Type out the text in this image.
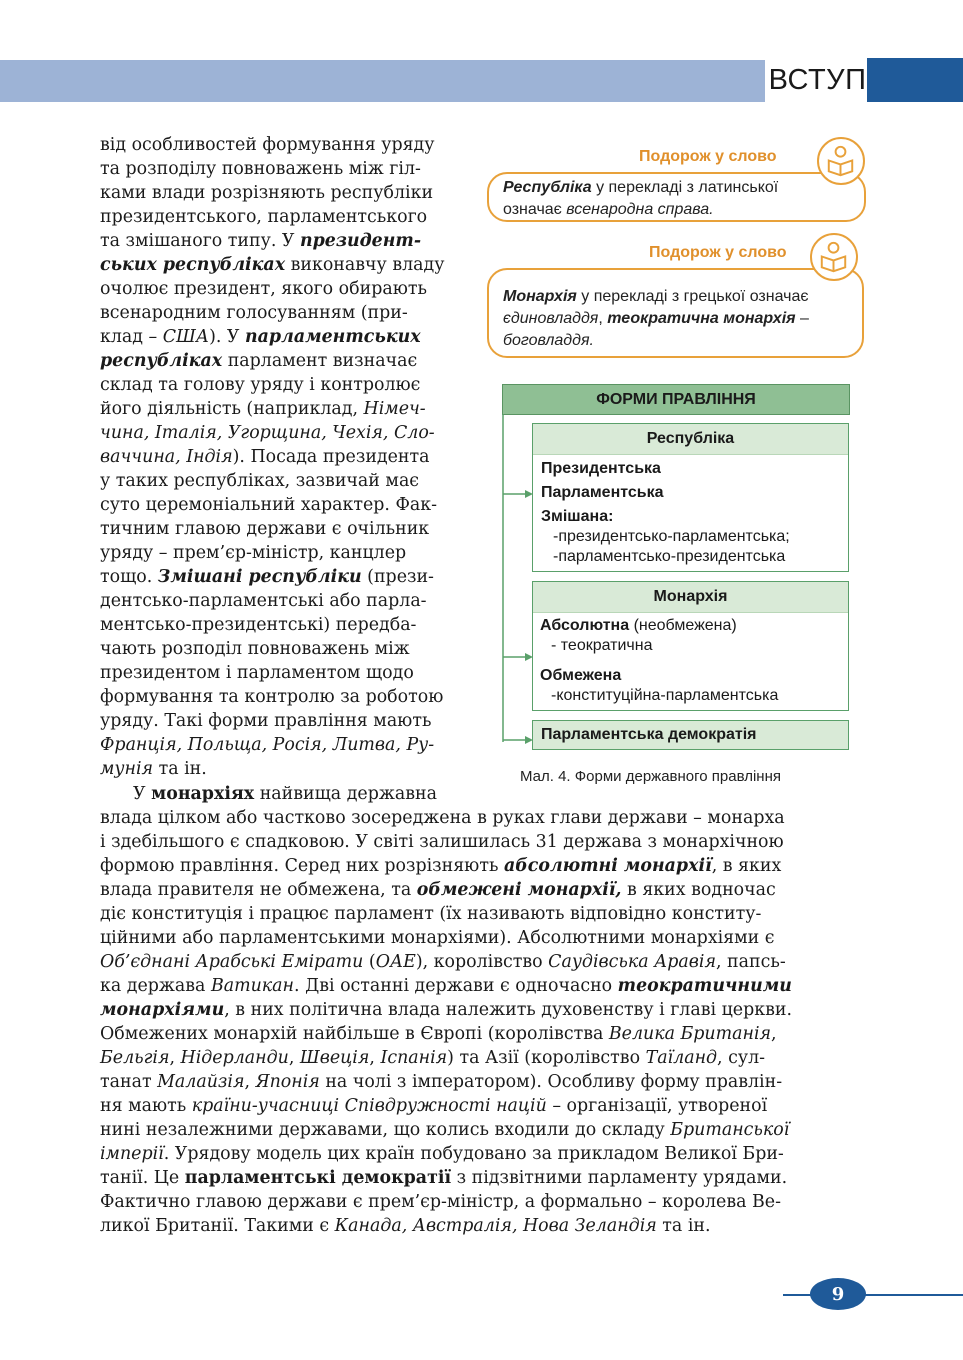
ВСТУП

від особливостей формування уряду
та розподілу повноважень між гіл-
ками влади розрізняють республіки
президентського, парламентського
та змішаного типу. У президент-
ських республіках виконавчу владу
очолює президент, якого обирають
всенародним голосуванням (при-
клад – США). У парламентських
республіках парламент визначає
склад та голову уряду і контролює
його діяльність (наприклад, Німеч-
чина, Італія, Угорщина, Чехія, Сло-
ваччина, Індія). Посада президента
у таких республіках, зазвичай має
суто церемоніальний характер. Фак-
тичним главою держави є очільник
уряду – прем’єр-міністр, канцлер
тощо. Змішані республіки (прези-
дентсько-парламентські або парла-
ментсько-президентські) передба-
чають розподіл повноважень між
президентом і парламентом щодо
формування та контролю за роботою
уряду. Такі форми правління мають
Франція, Польща, Росія, Литва, Ру-
мунія та ін.

У монархіях найвища державна

влада цілком або частково зосереджена в руках глави держави – монарха
і здебільшого є спадковою. У світі залишилась 31 держава з монархічною
формою правління. Серед них розрізняють абсолютні монархії, в яких
влада правителя не обмежена, та обмежені монархії, в яких водночас
діє конституція і працює парламент (їх називають відповідно конститу-
ційними або парламентськими монархіями). Абсолютними монархіями є
Об’єднані Арабські Емірати (ОАЕ), королівство Саудівська Аравія, папсь-
ка держава Ватикан. Дві останні держави є одночасно теократичними
монархіями, в них політична влада належить духовенству і главі церкви.
Обмежених монархій найбільше в Європі (королівства Велика Британія,
Бельгія, Нідерланди, Швеція, Іспанія) та Азії (королівство Таїланд, сул-
танат Малайзія, Японія на чолі з імператором). Особливу форму правлін-
ня мають країни-учасниці Співдружності націй – організації, утвореної
нині незалежними державами, що колись входили до складу Британської
імперії. Урядову модель цих країн побудовано за прикладом Великої Бри-
танії. Це парламентські демократії з підзвітними парламенту урядами.
Фактично главою держави є прем’єр-міністр, а формально – королева Ве-
ликої Британії. Такими є Канада, Австралія, Нова Зеландія та ін.

Подорож у слово
Республіка у перекладі з латинської
означає всенародна справа.
Подорож у слово
Монархія у перекладі з грецької означає
єдиновладдя, теократична монархія –
боговладдя.
ФОРМИ ПРАВЛІННЯ
Республіка
Президентська
Парламентська
Змішана:
-президентсько-парламентська;
-парламентсько-президентська
Монархія
Абсолютна (необмежена)
- теократична
Обмежена
-конституційна-парламентська
Парламентська демократія
Мал. 4. Форми державного правління
9
